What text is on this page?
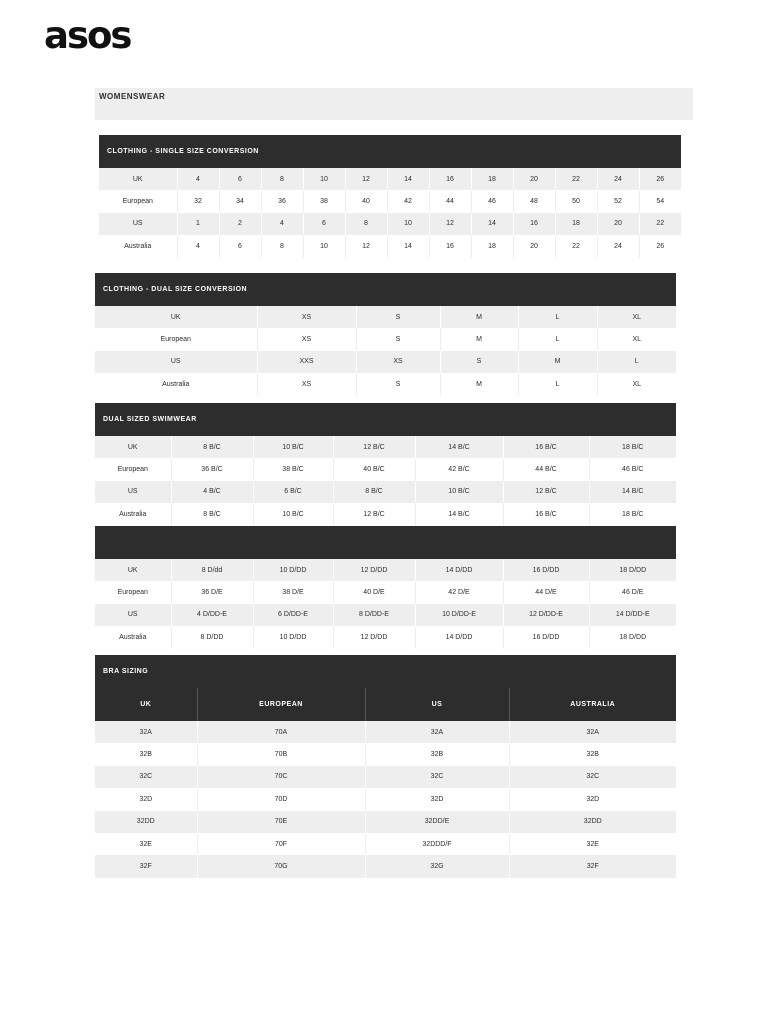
asos
WOMENSWEAR
CLOTHING - SINGLE SIZE CONVERSION
UK	4	6	8	10	12	14	16	18	20	22	24	26
European	32	34	36	38	40	42	44	46	48	50	52	54
US	1	2	4	6	8	10	12	14	16	18	20	22
Australia	4	6	8	10	12	14	16	18	20	22	24	26
CLOTHING - DUAL SIZE CONVERSION
UK	XS	S	M	L	XL
European	XS	S	M	L	XL
US	XXS	XS	S	M	L
Australia	XS	S	M	L	XL
DUAL SIZED SWIMWEAR
UK	8 B/C	10 B/C	12 B/C	14 B/C	16 B/C	18 B/C
European	36 B/C	38 B/C	40 B/C	42 B/C	44 B/C	46 B/C
US	4 B/C	6 B/C	8 B/C	10 B/C	12 B/C	14 B/C
Australia	8 B/C	10 B/C	12 B/C	14 B/C	16 B/C	18 B/C
UK	8 D/dd	10 D/DD	12 D/DD	14 D/DD	16 D/DD	18 D/DD
European	36 D/E	38 D/E	40 D/E	42 D/E	44 D/E	46 D/E
US	4 D/DD-E	6 D/DD-E	8 D/DD-E	10 D/DD-E	12 D/DD-E	14 D/DD-E
Australia	8 D/DD	10 D/DD	12 D/DD	14 D/DD	16 D/DD	18 D/DD
BRA SIZING
UK	EUROPEAN	US	AUSTRALIA
32A	70A	32A	32A
32B	70B	32B	32B
32C	70C	32C	32C
32D	70D	32D	32D
32DD	70E	32DD/E	32DD
32E	70F	32DDD/F	32E
32F	70G	32G	32F
